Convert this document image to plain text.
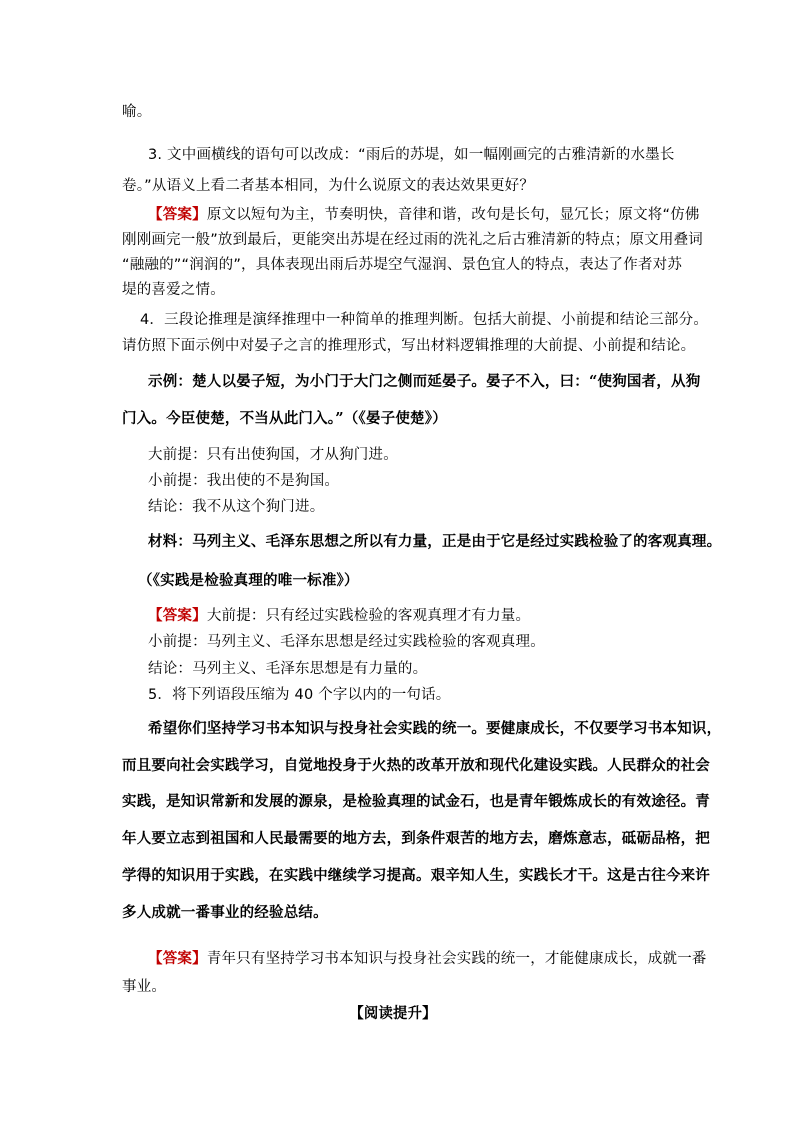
喻。
3. 文中画横线的语句可以改成：“雨后的苏堤，如一幅刚画完的古雅清新的水墨长
卷。”从语义上看二者基本相同，为什么说原文的表达效果更好？
【答案】原文以短句为主，节奏明快，音律和谐，改句是长句，显冗长；原文将“仿佛
刚刚画完一般”放到最后，更能突出苏堤在经过雨的洗礼之后古雅清新的特点；原文用叠词
“融融的”“润润的”，具体表现出雨后苏堤空气湿润、景色宜人的特点，表达了作者对苏
堤的喜爱之情。
4．三段论推理是演绎推理中一种简单的推理判断。包括大前提、小前提和结论三部分。
请仿照下面示例中对晏子之言的推理形式，写出材料逻辑推理的大前提、小前提和结论。
示例：楚人以晏子短，为小门于大门之侧而延晏子。晏子不入，曰：“使狗国者，从狗
门入。今臣使楚，不当从此门入。”（《晏子使楚》）
大前提：只有出使狗国，才从狗门进。
小前提：我出使的不是狗国。
结论：我不从这个狗门进。
材料：马列主义、毛泽东思想之所以有力量，正是由于它是经过实践检验了的客观真理。
（《实践是检验真理的唯一标准》）
【答案】大前提：只有经过实践检验的客观真理才有力量。
小前提：马列主义、毛泽东思想是经过实践检验的客观真理。
结论：马列主义、毛泽东思想是有力量的。
5．将下列语段压缩为 40 个字以内的一句话。
希望你们坚持学习书本知识与投身社会实践的统一。要健康成长，不仅要学习书本知识，
而且要向社会实践学习，自觉地投身于火热的改革开放和现代化建设实践。人民群众的社会
实践，是知识常新和发展的源泉，是检验真理的试金石，也是青年锻炼成长的有效途径。青
年人要立志到祖国和人民最需要的地方去，到条件艰苦的地方去，磨炼意志，砥砺品格，把
学得的知识用于实践，在实践中继续学习提高。艰辛知人生，实践长才干。这是古往今来许
多人成就一番事业的经验总结。
【答案】青年只有坚持学习书本知识与投身社会实践的统一，才能健康成长，成就一番
事业。
【阅读提升】
